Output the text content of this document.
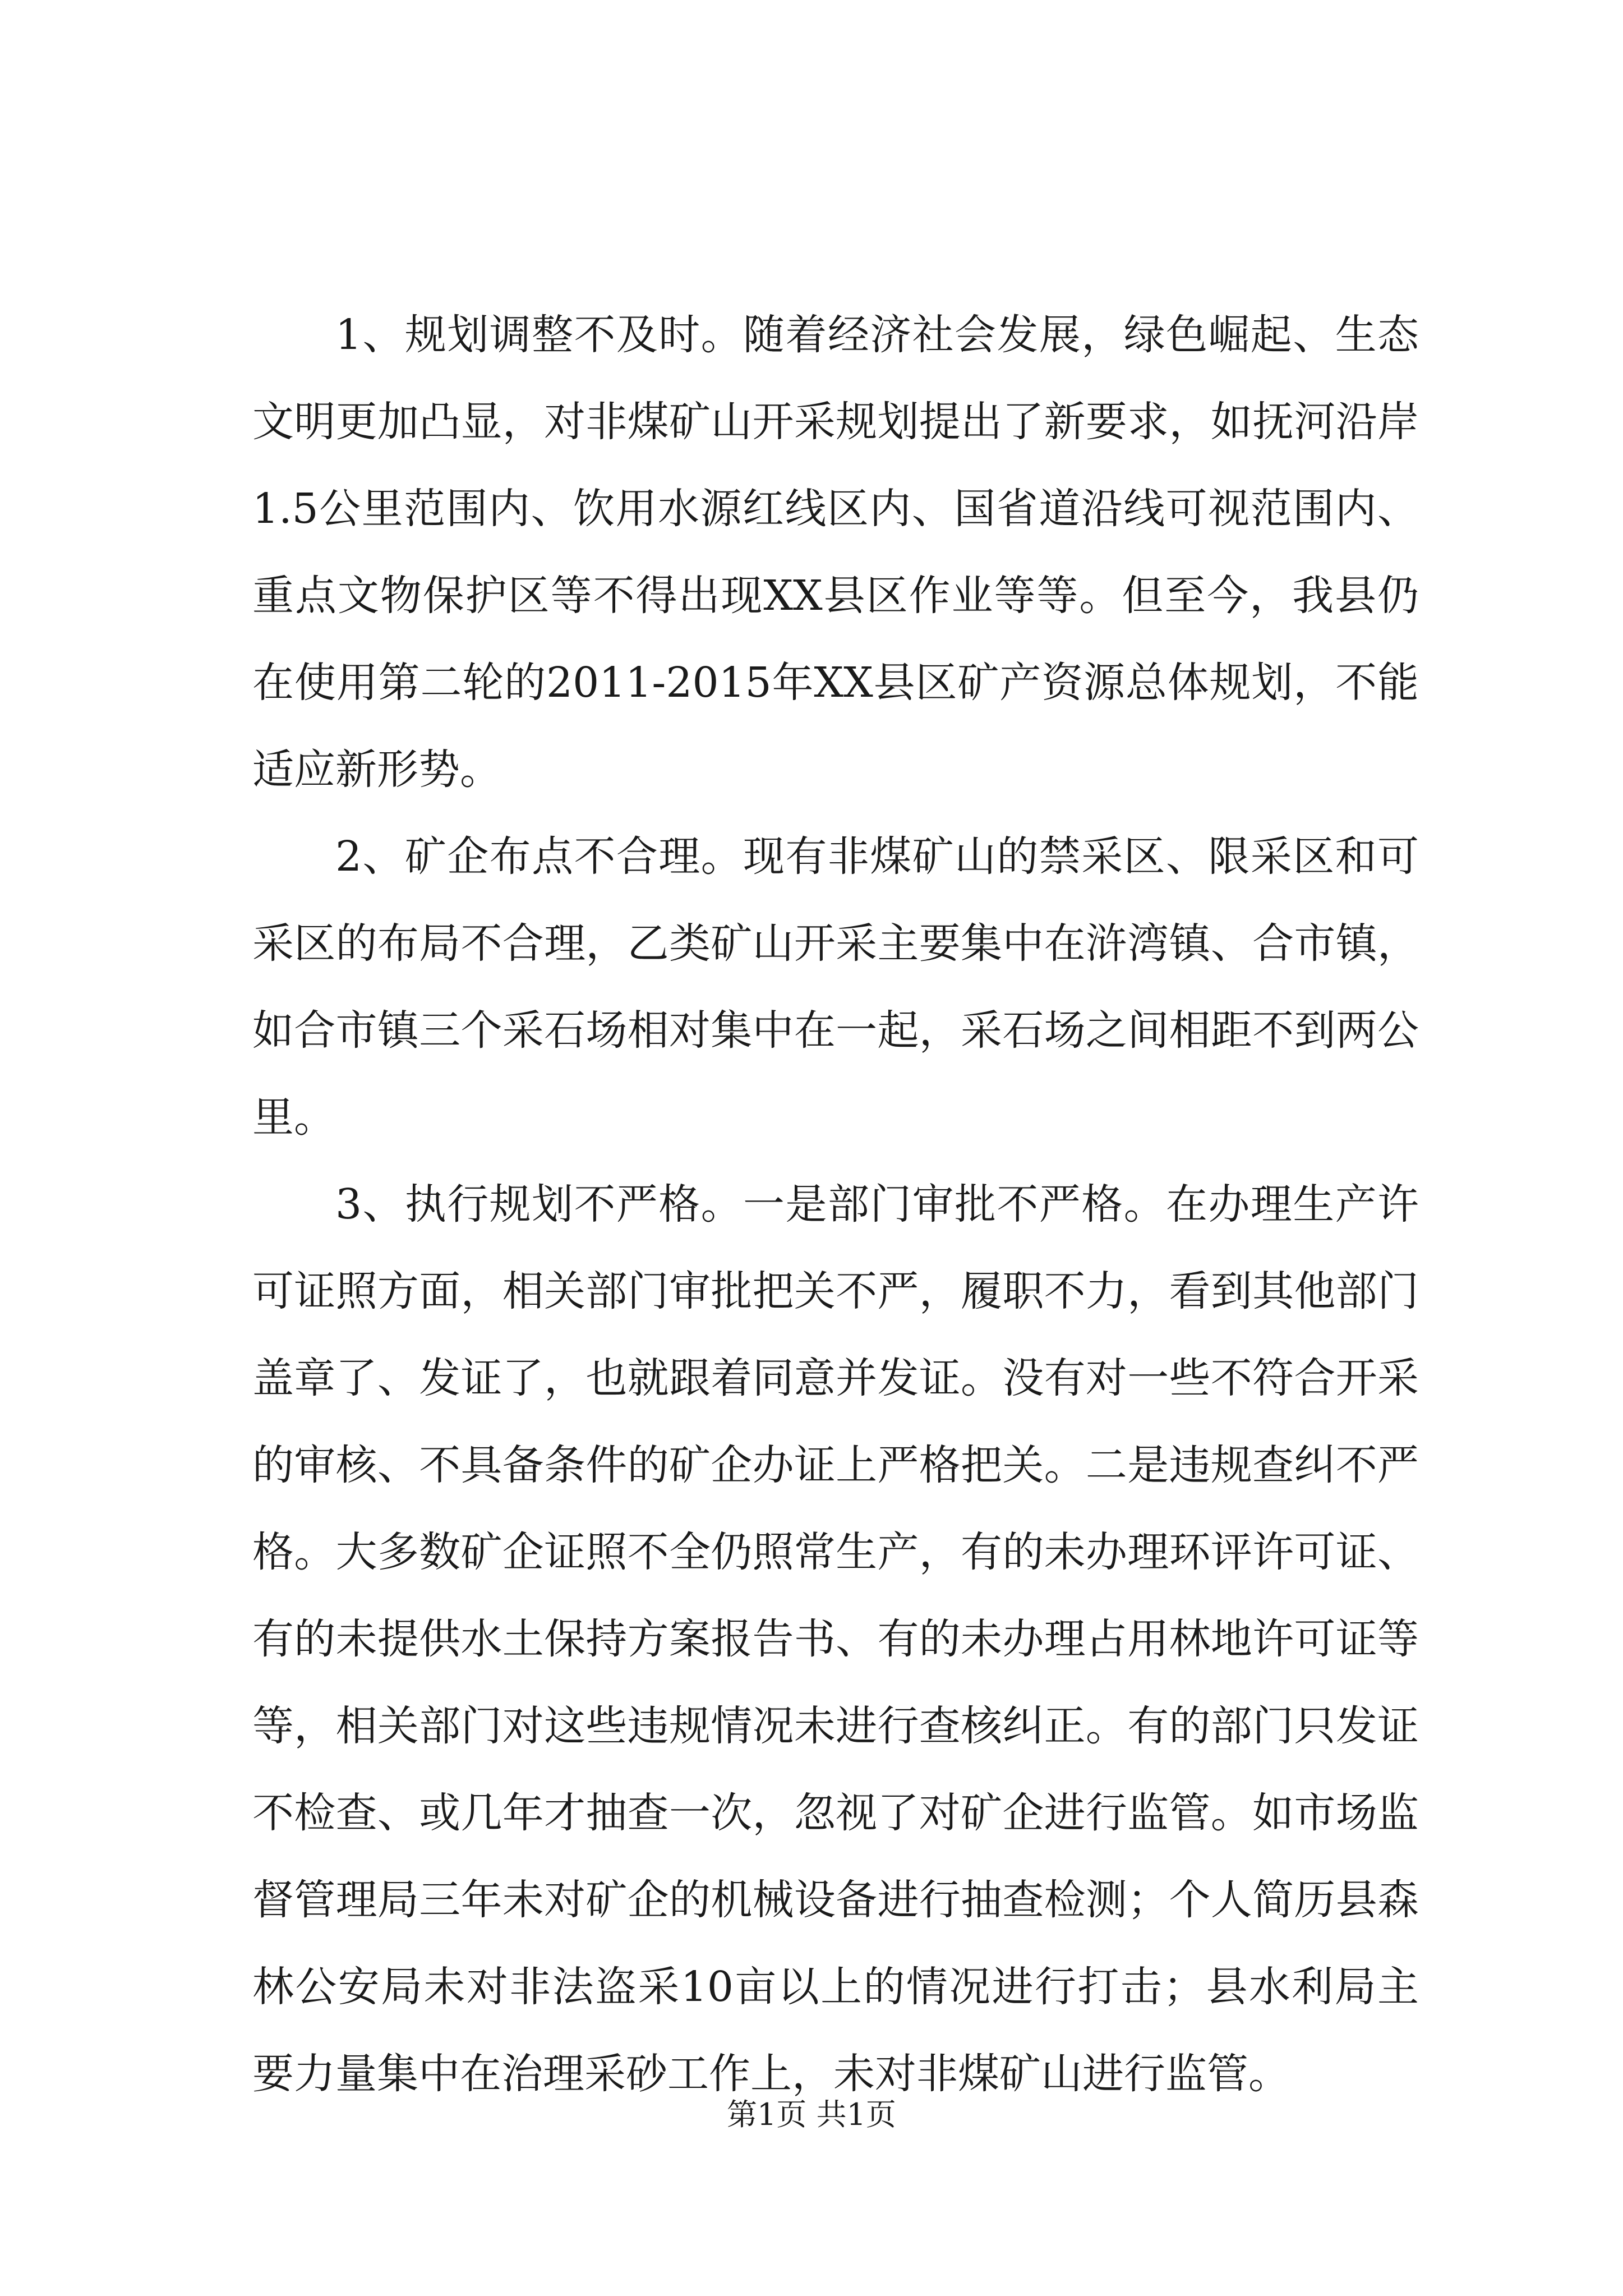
1、规划调整不及时。随着经济社会发展，绿色崛起、生态文明更加凸显，对非煤矿山开采规划提出了新要求，如抚河沿岸1.5公里范围内、饮用水源红线区内、国省道沿线可视范围内、重点文物保护区等不得出现XX县区作业等等。但至今，我县仍在使用第二轮的2011-2015年XX县区矿产资源总体规划，不能适应新形势。

2、矿企布点不合理。现有非煤矿山的禁采区、限采区和可采区的布局不合理，乙类矿山开采主要集中在浒湾镇、合市镇，如合市镇三个采石场相对集中在一起，采石场之间相距不到两公里。

3、执行规划不严格。一是部门审批不严格。在办理生产许可证照方面，相关部门审批把关不严，履职不力，看到其他部门盖章了、发证了，也就跟着同意并发证。没有对一些不符合开采的审核、不具备条件的矿企办证上严格把关。二是违规查纠不严格。大多数矿企证照不全仍照常生产，有的未办理环评许可证、有的未提供水土保持方案报告书、有的未办理占用林地许可证等等，相关部门对这些违规情况未进行查核纠正。有的部门只发证不检查、或几年才抽查一次，忽视了对矿企进行监管。如市场监督管理局三年未对矿企的机械设备进行抽查检测；个人简历县森林公安局未对非法盗采10亩以上的情况进行打击；县水利局主要力量集中在治理采砂工作上，未对非煤矿山进行监管。

第1页 共1页
